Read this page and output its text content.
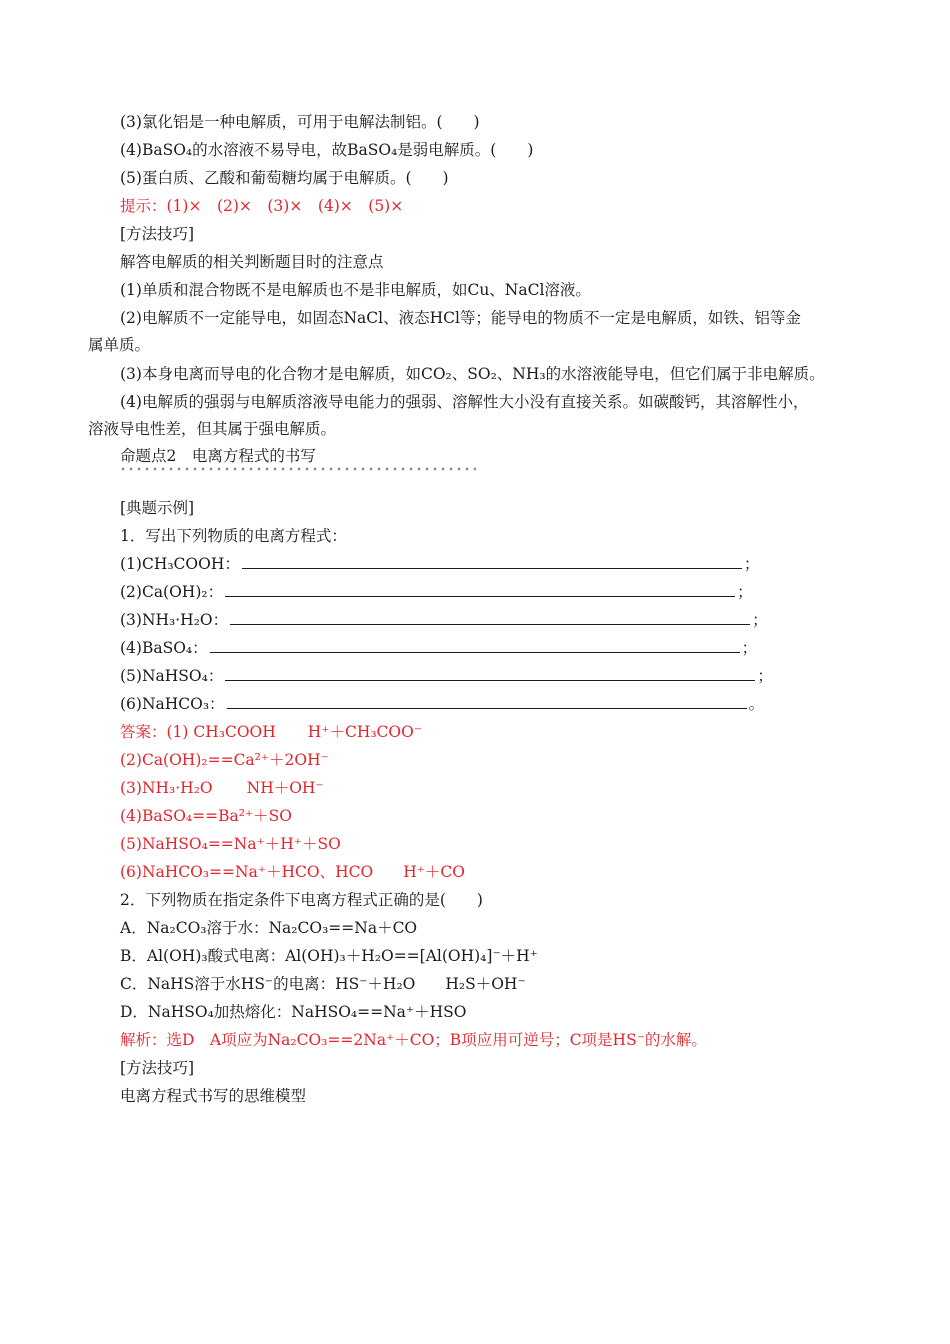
(3)氯化铝是一种电解质，可用于电解法制铝。(　　)
(4)BaSO₄的水溶液不易导电，故BaSO₄是弱电解质。(　　)
(5)蛋白质、乙酸和葡萄糖均属于电解质。(　　)
提示：(1)×　(2)×　(3)×　(4)×　(5)×
[方法技巧]
解答电解质的相关判断题目时的注意点
(1)单质和混合物既不是电解质也不是非电解质，如Cu、NaCl溶液。
(2)电解质不一定能导电，如固态NaCl、液态HCl等；能导电的物质不一定是电解质，如铁、铝等金
属单质。
(3)本身电离而导电的化合物才是电解质，如CO₂、SO₂、NH₃的水溶液能导电，但它们属于非电解质。
(4)电解质的强弱与电解质溶液导电能力的强弱、溶解性大小没有直接关系。如碳酸钙，其溶解性小，
溶液导电性差，但其属于强电解质。
命题点2　电离方程式的书写
[典题示例]
1．写出下列物质的电离方程式：
(1)CH₃COOH：	；
(2)Ca(OH)₂：	；
(3)NH₃·H₂O：	；
(4)BaSO₄：	；
(5)NaHSO₄：	；
(6)NaHCO₃：	。
答案：(1) CH₃COOH H⁺＋CH₃COO⁻
(2)Ca(OH)₂==Ca²⁺＋2OH⁻
(3)NH₃·H₂O NH＋OH⁻
(4)BaSO₄==Ba²⁺＋SO
(5)NaHSO₄==Na⁺＋H⁺＋SO
(6)NaHCO₃==Na⁺＋HCO、HCO H⁺＋CO
2．下列物质在指定条件下电离方程式正确的是(　　)
A．Na₂CO₃溶于水：Na₂CO₃==Na＋CO
B．Al(OH)₃酸式电离：Al(OH)₃＋H₂O==[Al(OH)₄]⁻＋H⁺
C．NaHS溶于水HS⁻的电离：HS⁻＋H₂O H₂S＋OH⁻
D．NaHSO₄加热熔化：NaHSO₄==Na⁺＋HSO
解析：选D　A项应为Na₂CO₃==2Na⁺＋CO；B项应用可逆号；C项是HS⁻的水解。
[方法技巧]
电离方程式书写的思维模型
